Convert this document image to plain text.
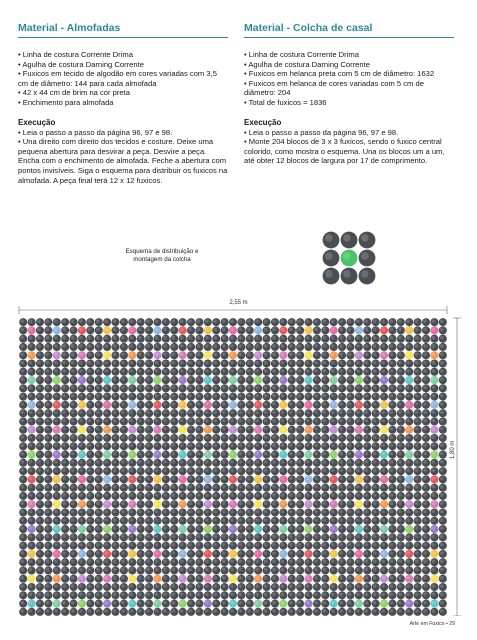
Material - Almofadas
• Linha de costura Corrente Drima
• Agulha de costura Darning Corrente
• Fuxicos em tecido de algodão em cores variadas com 3,5 cm de diâmetro: 144 para cada almofada
• 42 x 44 cm de brim na cor preta
• Enchimento para almofada
Execução
• Leia o passo a passo da página 96, 97 e 98.
• Una direito com direito dos tecidos e costure. Deixe uma pequena abertura para desvirar a peça. Desvire a peça. Encha com o enchimento de almofada. Feche a abertura com pontos invisíveis. Siga o esquema para distribuir os fuxicos na almofada. A peça final terá 12 x 12 fuxicos.
Material - Colcha de casal
• Linha de costura Corrente Drima
• Agulha de costura Darning Corrente
• Fuxicos em helanca preta com 5 cm de diâmetro: 1632
• Fuxicos em helanca de cores variadas com 5 cm de diâmetro: 204
• Total de fuxicos = 1836
Execução
• Leia o passo a passo da página 96, 97 e 98.
• Monte 204 blocos de 3 x 3 fuxicos, sendo o fuxico central colorido, como mostra o esquema. Una os blocos um a um, até obter 12 blocos de largura por 17 de comprimento.
Esquema de distribuição e montagem da colcha
2,55 m
1,80 m
Arte em Fuxico • 29
